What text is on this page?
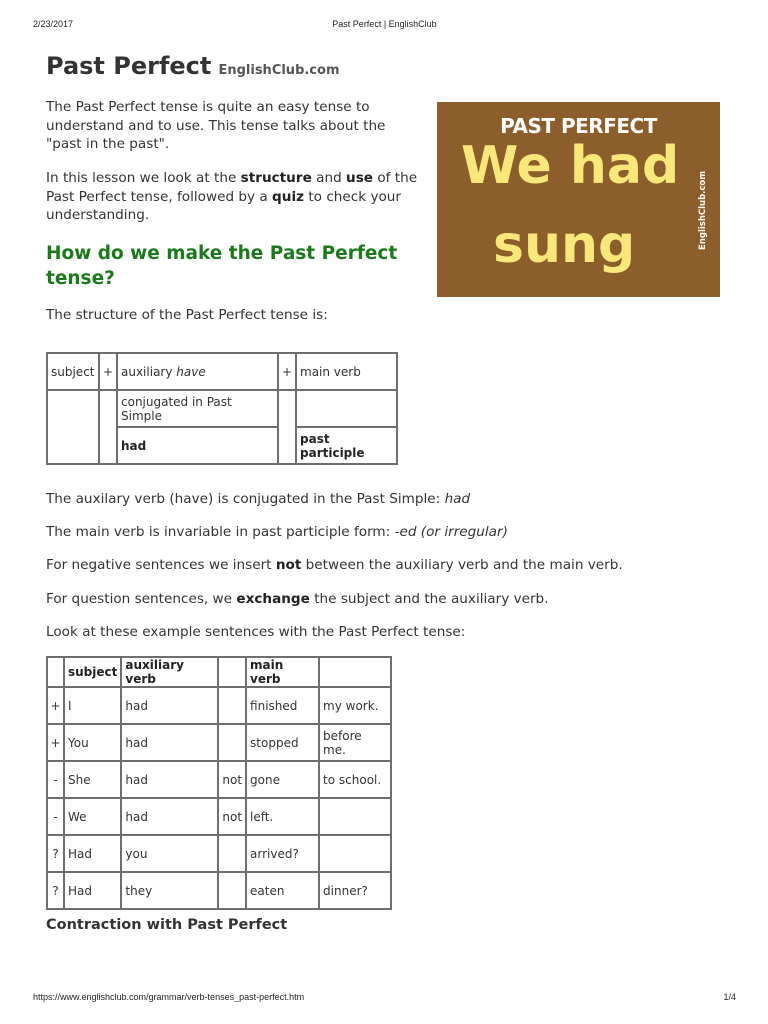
2/23/2017	Past Perfect | EnglishClub
Past Perfect EnglishClub.com

The Past Perfect tense is quite an easy tense to understand and to use. This tense talks about the "past in the past".

In this lesson we look at the structure and use of the Past Perfect tense, followed by a quiz to check your understanding.

PAST PERFECT
We had
sung	EnglishClub.com
How do we make the Past Perfect tense?

The structure of the Past Perfect tense is:

subject	+	auxiliary have	+	main verb
		conjugated in Past Simple		
		had		past participle

The auxilary verb (have) is conjugated in the Past Simple: had

The main verb is invariable in past participle form: -ed (or irregular)

For negative sentences we insert not between the auxiliary verb and the main verb.

For question sentences, we exchange the subject and the auxiliary verb.

Look at these example sentences with the Past Perfect tense:

	subject	auxiliary verb		main verb	
+	I	had		finished	my work.
+	You	had		stopped	before me.
-	She	had	not	gone	to school.
-	We	had	not	left.	
?	Had	you		arrived?	
?	Had	they		eaten	dinner?
Contraction with Past Perfect
https://www.englishclub.com/grammar/verb-tenses_past-perfect.htm	1/4
